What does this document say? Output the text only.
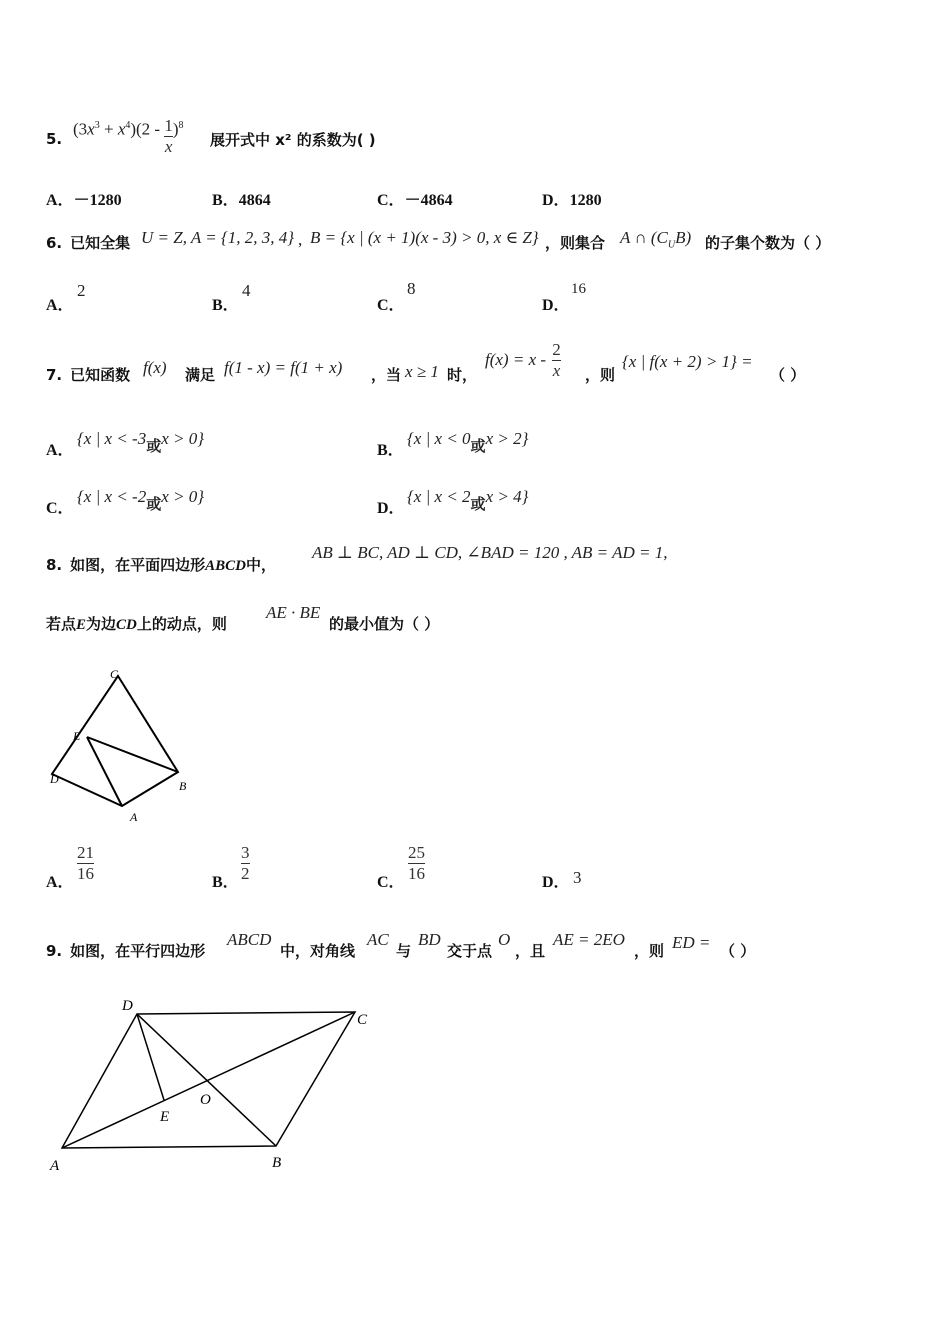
5.
$(3x^3 + x^4)(2 - \frac{1}{x} )^8$
展开式中 x² 的系数为( )
A．－1280	B．4864	C．－4864	D．1280
6. 已知全集 U = Z, A = {1, 2, 3, 4} , B = {x | (x + 1)(x - 3) > 0, x ∈ Z} ，则集合 A ∩ $(C_UB)$ 的子集个数为（ ）
A．
2
B．
4
C．
8
D．
16
7. 已知函数 f(x) 满足 f(1 - x) = f(1 + x) ，当 x ≥ 1 时，
$f(x) = x - \frac{2}{x}$ ，则
{x | f(x + 2) > 1} =
（ ）
A．
{x | x < -3或x > 0}
B．
{x | x < 0或x > 2}
C．
{x | x < -2或x > 0}
D．
{x | x < 2或x > 4}
8. 如图，在平面四边形ABCD中，
AB ⊥ BC, AD ⊥ CD, ∠BAD = 120 , AB = AD = 1,
若点E为边CD上的动点，则
AE · BE
的最小值为（ ）
C
E
D	B
A
A．
21
16	B．
3
2	C．
25
16	D． 3
9. 如图，在平行四边形
ABCD
中，对角线
AC
与
BD
交于点
O
，且
AE = 2EO
，则 ED = （ ）
D
C
O
E
A	B
